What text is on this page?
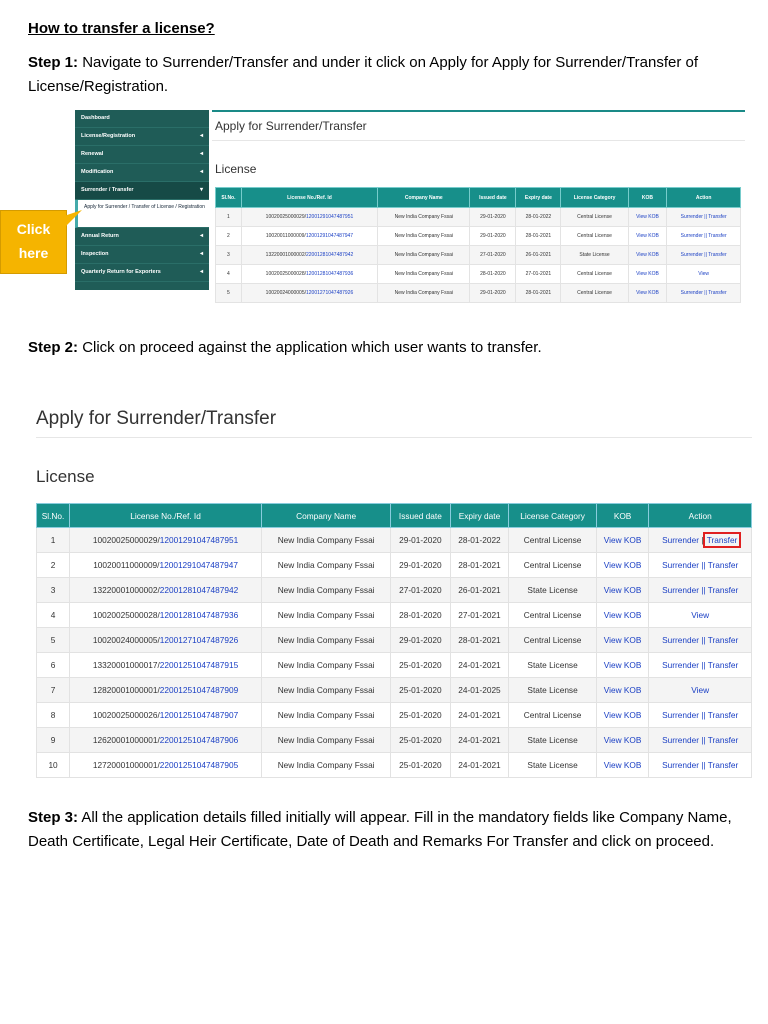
How to transfer a license?
Step 1: Navigate to Surrender/Transfer and under it click on Apply for Apply for Surrender/Transfer of License/Registration.
Dashboard
License/Registration	◂
Renewal	◂
Modification	◂
Surrender / Transfer	▾
Apply for Surrender / Transfer of License / Registration
Annual Return	◂
Inspection	◂
Quarterly Return for Exporters	◂
Apply for Surrender/Transfer
License
Sl.No.	License No./Ref. Id	Company Name	Issued date	Expiry date	License Category	KOB	Action
1	10020025000029/12001291047487951	New India Company Fssai	29-01-2020	28-01-2022	Central License	View KOB	Surrender || Transfer
2	10020011000009/12001291047487947	New India Company Fssai	29-01-2020	28-01-2021	Central License	View KOB	Surrender || Transfer
3	13220001000002/22001281047487942	New India Company Fssai	27-01-2020	26-01-2021	State License	View KOB	Surrender || Transfer
4	10020025000028/12001281047487936	New India Company Fssai	28-01-2020	27-01-2021	Central License	View KOB	View
5	10020024000005/12001271047487926	New India Company Fssai	29-01-2020	28-01-2021	Central License	View KOB	Surrender || Transfer
Click
here
Step 2: Click on proceed against the application which user wants to transfer.
Apply for Surrender/Transfer
License
Sl.No.	License No./Ref. Id	Company Name	Issued date	Expiry date	License Category	KOB	Action
1	10020025000029/12001291047487951	New India Company Fssai	29-01-2020	28-01-2022	Central License	View KOB	Surrender | Transfer
2	10020011000009/12001291047487947	New India Company Fssai	29-01-2020	28-01-2021	Central License	View KOB	Surrender || Transfer
3	13220001000002/22001281047487942	New India Company Fssai	27-01-2020	26-01-2021	State License	View KOB	Surrender || Transfer
4	10020025000028/12001281047487936	New India Company Fssai	28-01-2020	27-01-2021	Central License	View KOB	View
5	10020024000005/12001271047487926	New India Company Fssai	29-01-2020	28-01-2021	Central License	View KOB	Surrender || Transfer
6	13320001000017/22001251047487915	New India Company Fssai	25-01-2020	24-01-2021	State License	View KOB	Surrender || Transfer
7	12820001000001/22001251047487909	New India Company Fssai	25-01-2020	24-01-2025	State License	View KOB	View
8	10020025000026/12001251047487907	New India Company Fssai	25-01-2020	24-01-2021	Central License	View KOB	Surrender || Transfer
9	12620001000001/22001251047487906	New India Company Fssai	25-01-2020	24-01-2021	State License	View KOB	Surrender || Transfer
10	12720001000001/22001251047487905	New India Company Fssai	25-01-2020	24-01-2021	State License	View KOB	Surrender || Transfer
Step 3: All the application details filled initially will appear. Fill in the mandatory fields like Company Name, Death Certificate, Legal Heir Certificate, Date of Death and Remarks For Transfer and click on proceed.
